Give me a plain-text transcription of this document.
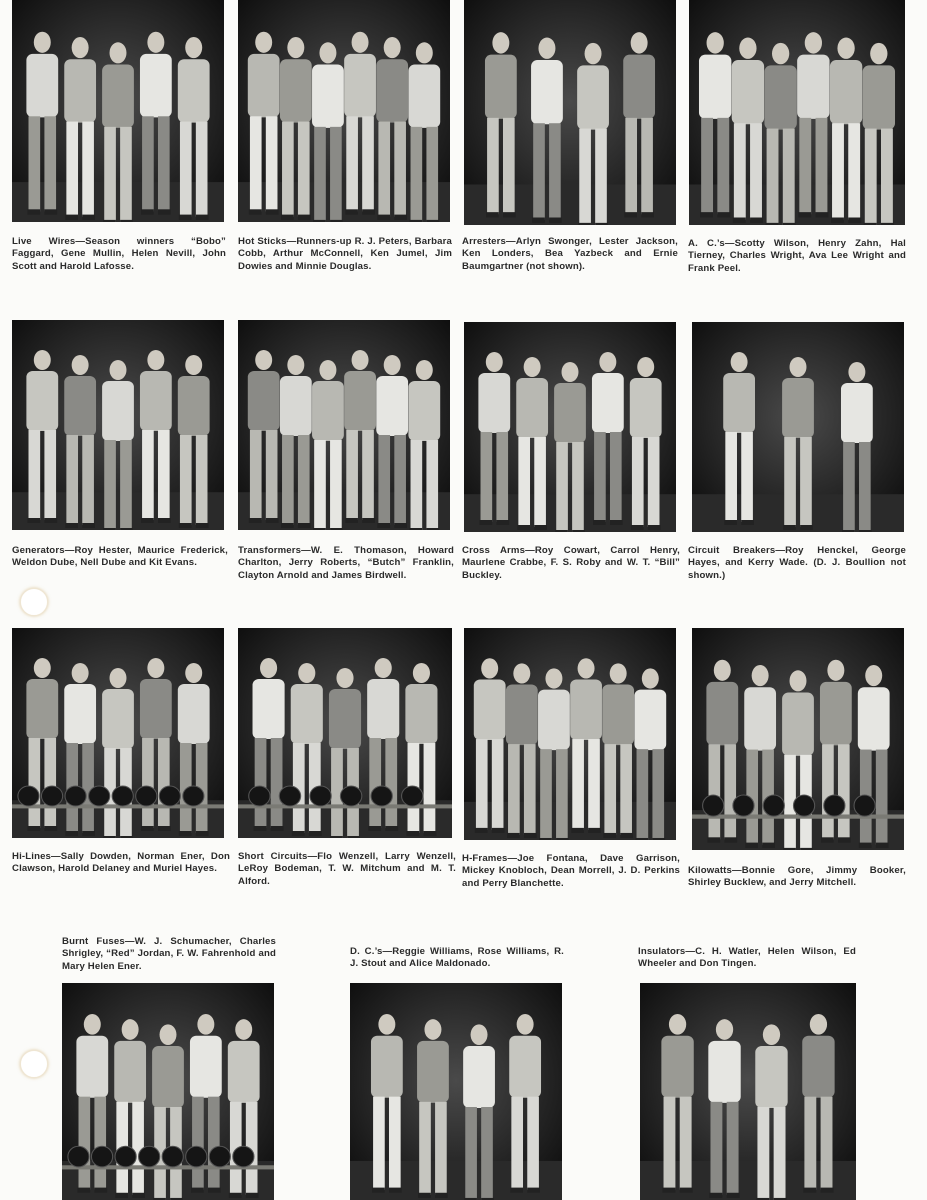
Live Wires—Season winners “Bobo” Faggard, Gene Mullin, Helen Nevill, John Scott and Harold Lafosse.

Hot Sticks—Runners-up R. J. Peters, Barbara Cobb, Arthur McConnell, Ken Jumel, Jim Dowies and Minnie Douglas.

Arresters—Arlyn Swonger, Lester Jackson, Ken Londers, Bea Yazbeck and Ernie Baumgartner (not shown).

A. C.’s—Scotty Wilson, Henry Zahn, Hal Tierney, Charles Wright, Ava Lee Wright and Frank Peel.

Generators—Roy Hester, Maurice Frederick, Weldon Dube, Nell Dube and Kit Evans.

Transformers—W. E. Thomason, Howard Charlton, Jerry Roberts, “Butch” Franklin, Clayton Arnold and James Birdwell.

Cross Arms—Roy Cowart, Carrol Henry, Maurlene Crabbe, F. S. Roby and W. T. “Bill” Buckley.

Circuit Breakers—Roy Henckel, George Hayes, and Kerry Wade. (D. J. Boullion not shown.)

Hi-Lines—Sally Dowden, Norman Ener, Don Clawson, Harold Delaney and Muriel Hayes.

Short Circuits—Flo Wenzell, Larry Wenzell, LeRoy Bodeman, T. W. Mitchum and M. T. Alford.

H-Frames—Joe Fontana, Dave Garrison, Mickey Knobloch, Dean Morrell, J. D. Perkins and Perry Blanchette.

Kilowatts—Bonnie Gore, Jimmy Booker, Shirley Bucklew, and Jerry Mitchell.

Burnt Fuses—W. J. Schumacher, Charles Shrigley, “Red” Jordan, F. W. Fahrenhold and Mary Helen Ener.

D. C.’s—Reggie Williams, Rose Williams, R. J. Stout and Alice Maldonado.

Insulators—C. H. Watler, Helen Wilson, Ed Wheeler and Don Tingen.
